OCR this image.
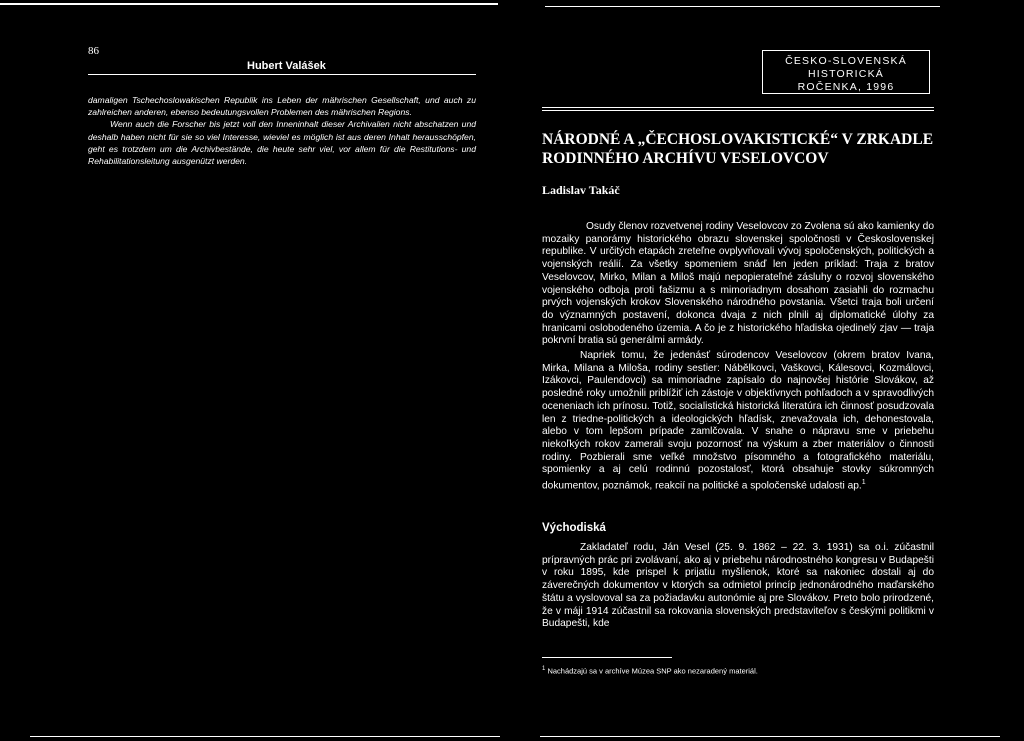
86
Hubert Valášek

damaligen Tschechoslowakischen Republik ins Leben der mährischen Gesellschaft, und auch zu zahlreichen anderen, ebenso bedeutungsvollen Problemen des mährischen Regions.

Wenn auch die Forscher bis jetzt voll den Inneninhalt dieser Archivalien nicht abschatzen und deshalb haben nicht für sie so viel Interesse, wieviel es möglich ist aus deren Inhalt herausschöpfen, geht es trotzdem um die Archivbestände, die heute sehr viel, vor allem für die Restitutions- und Rehabilitationsleitung ausgenützt werden.

ČESKO-SLOVENSKÁ
HISTORICKÁ
ROČENKA, 1996
NÁRODNÉ A „ČECHOSLOVAKISTICKÉ“ V ZRKADLE
RODINNÉHO ARCHÍVU VESELOVCOV
Ladislav Takáč

Osudy členov rozvetvenej rodiny Veselovcov zo Zvolena sú ako kamienky do mozaiky panorámy historického obrazu slovenskej spoločnosti v Československej republike. V určitých etapách zreteľne ovplyvňovali vývoj spoločenských, politických a vojenských reálií. Za všetky spomeniem snáď len jeden príklad: Traja z bratov Veselovcov, Mirko, Milan a Miloš majú nepopierateľné zásluhy o rozvoj slovenského vojenského odboja proti fašizmu a s mimoriadnym dosahom zasiahli do rozmachu prvých vojenských krokov Slovenského národného povstania. Všetci traja boli určení do významných postavení, dokonca dvaja z nich plnili aj diplomatické úlohy za hranicami oslobodeného územia. A čo je z historického hľadiska ojedinelý zjav — traja pokrvní bratia sú generálmi armády.

Napriek tomu, že jedenásť súrodencov Veselovcov (okrem bratov Ivana, Mirka, Milana a Miloša, rodiny sestier: Nábělkovci, Vaškovci, Kálesovci, Kozmálovci, Izákovci, Paulendovci) sa mimoriadne zapísalo do najnovšej histórie Slovákov, až posledné roky umožnili priblížiť ich zástoje v objektívnych pohľadoch a v spravodlivých oceneniach ich prínosu. Totiž, socialistická historická literatúra ich činnosť posudzovala len z triedne-politických a ideologických hľadísk, znevažovala ich, dehonestovala, alebo v tom lepšom prípade zamlčovala. V snahe o nápravu sme v priebehu niekoľkých rokov zamerali svoju pozornosť na výskum a zber materiálov o činnosti rodiny. Pozbierali sme veľké množstvo písomného a fotografického materiálu, spomienky a aj celú rodinnú pozostalosť, ktorá obsahuje stovky súkromných dokumentov, poznámok, reakcií na politické a spoločenské udalosti ap.$^1$

Východiská

Zakladateľ rodu, Ján Vesel (25. 9. 1862 – 22. 3. 1931) sa o.i. zúčastnil prípravných prác pri zvolávaní, ako aj v priebehu národnostného kongresu v Budapešti v roku 1895, kde prispel k prijatiu myšlienok, ktoré sa nakoniec dostali aj do záverečných dokumentov v ktorých sa odmietol princíp jednonárodného maďarského štátu a vyslovoval sa za požiadavku autonómie aj pre Slovákov. Preto bolo prirodzené, že v máji 1914 zúčastnil sa rokovania slovenských predstaviteľov s českými politikmi v Budapešti, kde

$^1$ Nachádzajú sa v archíve Múzea SNP ako nezaradený materiál.
